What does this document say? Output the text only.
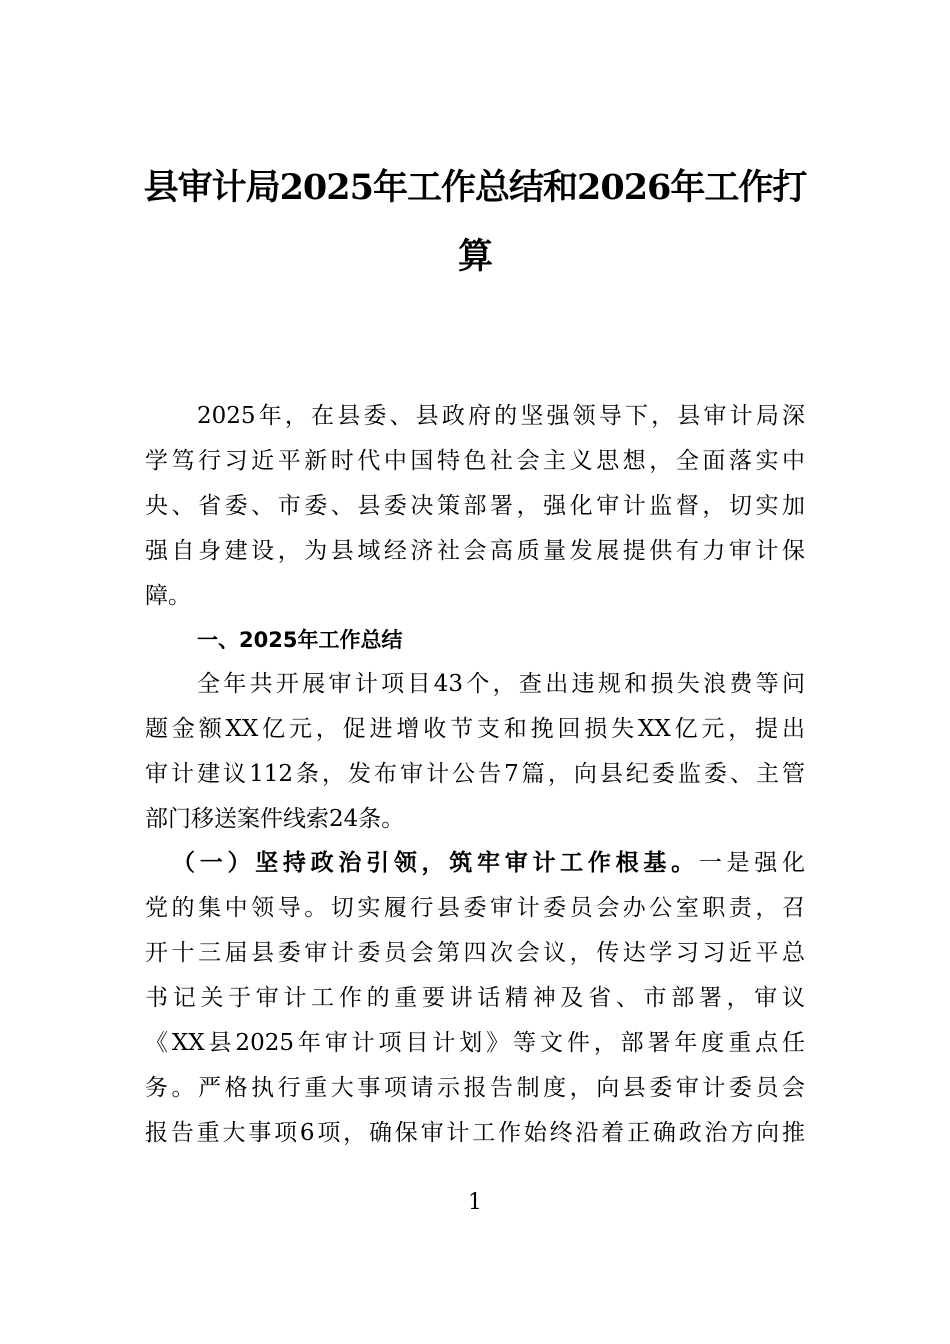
县审计局2025年工作总结和2026年工作打
算
2025年，在县委、县政府的坚强领导下，县审计局深
学笃行习近平新时代中国特色社会主义思想，全面落实中
央、省委、市委、县委决策部署，强化审计监督，切实加
强自身建设，为县域经济社会高质量发展提供有力审计保
障。
一、2025年工作总结
全年共开展审计项目43个，查出违规和损失浪费等问
题金额XX亿元，促进增收节支和挽回损失XX亿元，提出
审计建议112条，发布审计公告7篇，向县纪委监委、主管
部门移送案件线索24条。
（一）坚持政治引领，筑牢审计工作根基。一是强化
党的集中领导。切实履行县委审计委员会办公室职责，召
开十三届县委审计委员会第四次会议，传达学习习近平总
书记关于审计工作的重要讲话精神及省、市部署，审议
《XX县2025年审计项目计划》等文件，部署年度重点任
务。严格执行重大事项请示报告制度，向县委审计委员会
报告重大事项6项，确保审计工作始终沿着正确政治方向推
1
